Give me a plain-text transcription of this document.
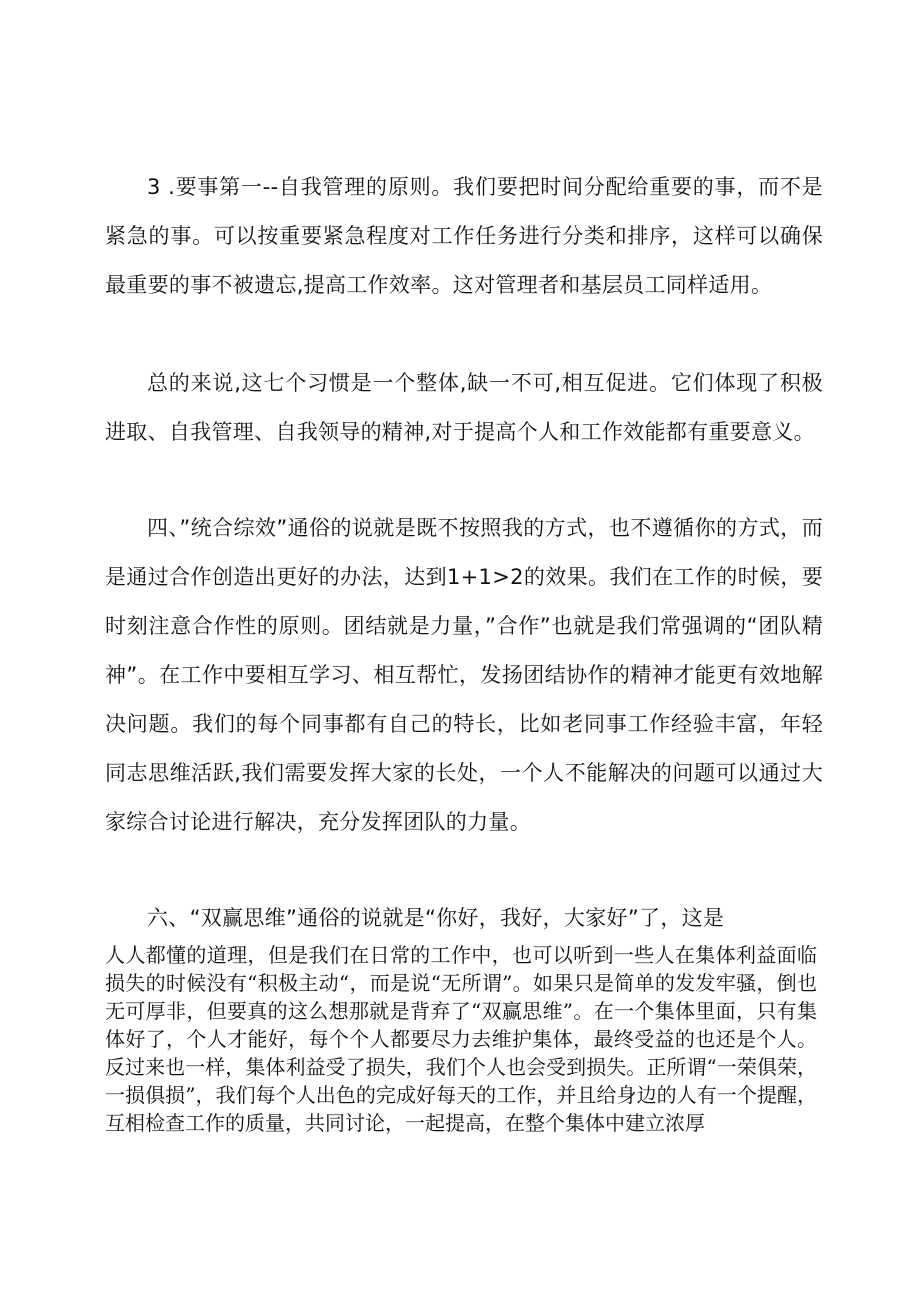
3 .要事第一--自我管理的原则。我们要把时间分配给重要的事，而不是紧急的事。可以按重要紧急程度对工作任务进行分类和排序，这样可以确保最重要的事不被遗忘,提高工作效率。这对管理者和基层员工同样适用。

总的来说,这七个习惯是一个整体,缺一不可,相互促进。它们体现了积极进取、自我管理、自我领导的精神,对于提高个人和工作效能都有重要意义。

四、”统合综效”通俗的说就是既不按照我的方式，也不遵循你的方式，而是通过合作创造出更好的办法，达到1+1>2的效果。我们在工作的时候，要时刻注意合作性的原则。团结就是力量，”合作”也就是我们常强调的“团队精神”。在工作中要相互学习、相互帮忙，发扬团结协作的精神才能更有效地解决问题。我们的每个同事都有自己的特长，比如老同事工作经验丰富，年轻同志思维活跃,我们需要发挥大家的长处，一个人不能解决的问题可以通过大家综合讨论进行解决，充分发挥团队的力量。

六、“双赢思维”通俗的说就是“你好，我好，大家好”了，这是

人人都懂的道理，但是我们在日常的工作中，也可以听到一些人在集体利益面临损失的时候没有“积极主动“，而是说“无所谓”。如果只是简单的发发牢骚，倒也无可厚非，但要真的这么想那就是背弃了“双赢思维”。在一个集体里面，只有集体好了，个人才能好，每个个人都要尽力去维护集体，最终受益的也还是个人。反过来也一样，集体利益受了损失，我们个人也会受到损失。正所谓“一荣俱荣，一损俱损”，我们每个人出色的完成好每天的工作，并且给身边的人有一个提醒，互相检查工作的质量，共同讨论，一起提高，在整个集体中建立浓厚
